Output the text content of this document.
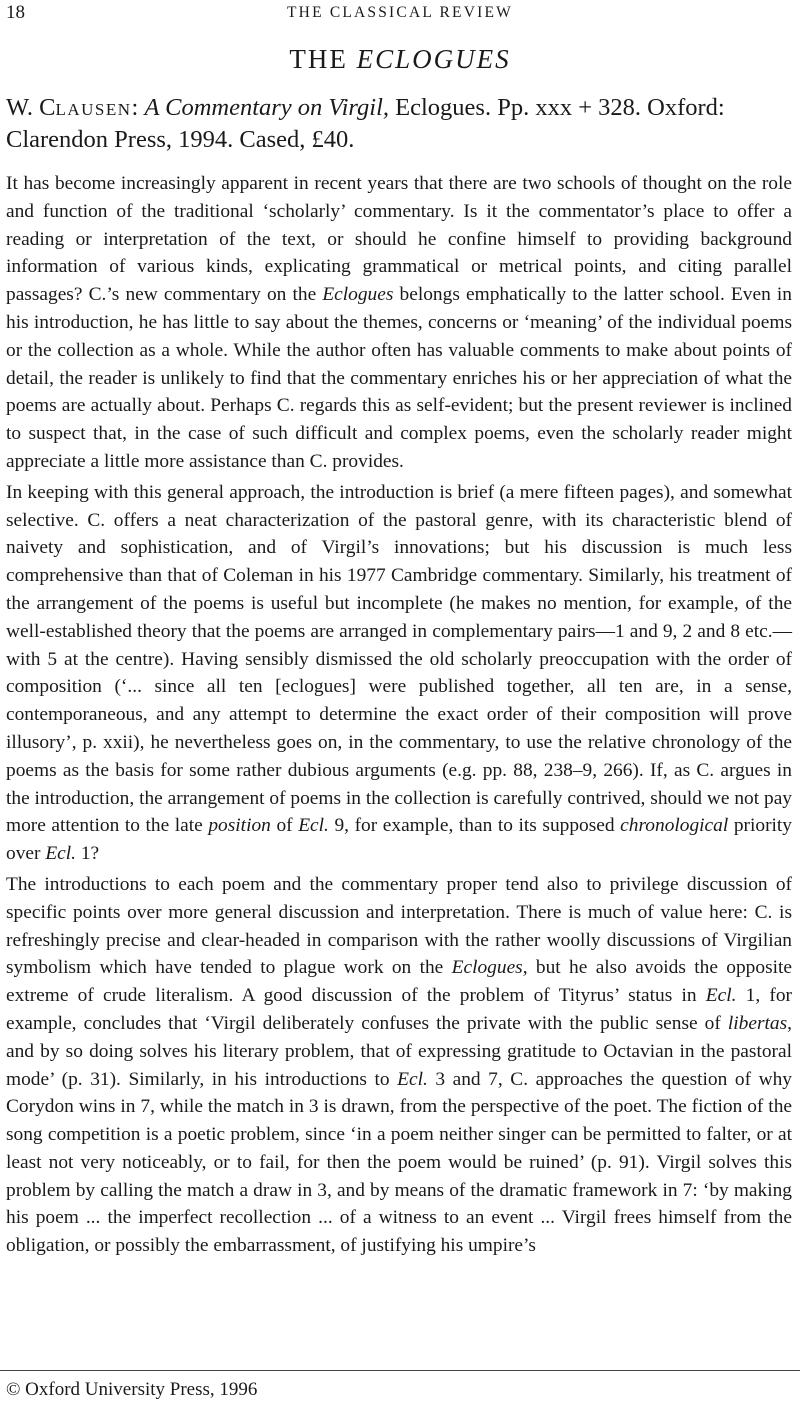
18	THE CLASSICAL REVIEW
THE ECLOGUES
W. Clausen: A Commentary on Virgil, Eclogues. Pp. xxx + 328. Oxford: Clarendon Press, 1994. Cased, £40.

It has become increasingly apparent in recent years that there are two schools of thought on the role and function of the traditional ‘scholarly’ commentary. Is it the commentator’s place to offer a reading or interpretation of the text, or should he confine himself to providing background information of various kinds, explicating grammatical or metrical points, and citing parallel passages? C.’s new commentary on the Eclogues belongs emphatically to the latter school. Even in his introduction, he has little to say about the themes, concerns or ‘meaning’ of the individual poems or the collection as a whole. While the author often has valuable comments to make about points of detail, the reader is unlikely to find that the commentary enriches his or her appreciation of what the poems are actually about. Perhaps C. regards this as self-evident; but the present reviewer is inclined to suspect that, in the case of such difficult and complex poems, even the scholarly reader might appreciate a little more assistance than C. provides.

In keeping with this general approach, the introduction is brief (a mere fifteen pages), and somewhat selective. C. offers a neat characterization of the pastoral genre, with its characteristic blend of naivety and sophistication, and of Virgil’s innovations; but his discussion is much less comprehensive than that of Coleman in his 1977 Cambridge commentary. Similarly, his treatment of the arrangement of the poems is useful but incomplete (he makes no mention, for example, of the well-established theory that the poems are arranged in complementary pairs—1 and 9, 2 and 8 etc.—with 5 at the centre). Having sensibly dismissed the old scholarly preoccupation with the order of composition (‘... since all ten [eclogues] were published together, all ten are, in a sense, contemporaneous, and any attempt to determine the exact order of their composition will prove illusory’, p. xxii), he nevertheless goes on, in the commentary, to use the relative chronology of the poems as the basis for some rather dubious arguments (e.g. pp. 88, 238–9, 266). If, as C. argues in the introduction, the arrangement of poems in the collection is carefully contrived, should we not pay more attention to the late position of Ecl. 9, for example, than to its supposed chronological priority over Ecl. 1?

The introductions to each poem and the commentary proper tend also to privilege discussion of specific points over more general discussion and interpretation. There is much of value here: C. is refreshingly precise and clear-headed in comparison with the rather woolly discussions of Virgilian symbolism which have tended to plague work on the Eclogues, but he also avoids the opposite extreme of crude literalism. A good discussion of the problem of Tityrus’ status in Ecl. 1, for example, concludes that ‘Virgil deliberately confuses the private with the public sense of libertas, and by so doing solves his literary problem, that of expressing gratitude to Octavian in the pastoral mode’ (p. 31). Similarly, in his introductions to Ecl. 3 and 7, C. approaches the question of why Corydon wins in 7, while the match in 3 is drawn, from the perspective of the poet. The fiction of the song competition is a poetic problem, since ‘in a poem neither singer can be permitted to falter, or at least not very noticeably, or to fail, for then the poem would be ruined’ (p. 91). Virgil solves this problem by calling the match a draw in 3, and by means of the dramatic framework in 7: ‘by making his poem ... the imperfect recollection ... of a witness to an event ... Virgil frees himself from the obligation, or possibly the embarrassment, of justifying his umpire’s

© Oxford University Press, 1996
